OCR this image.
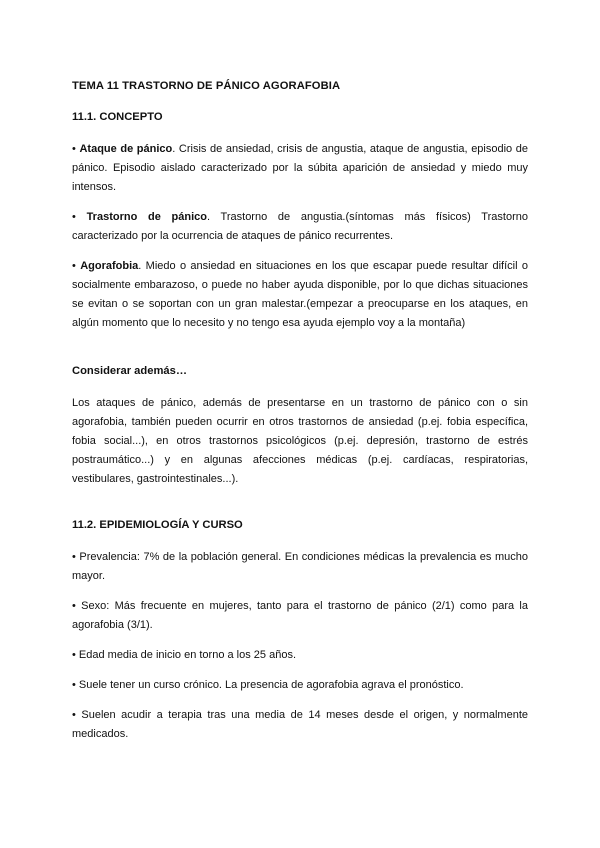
TEMA 11 TRASTORNO DE PÁNICO AGORAFOBIA
11.1. CONCEPTO

• Ataque de pánico. Crisis de ansiedad, crisis de angustia, ataque de angustia, episodio de pánico. Episodio aislado caracterizado por la súbita aparición de ansiedad y miedo muy intensos.

• Trastorno de pánico. Trastorno de angustia.(síntomas más físicos) Trastorno caracterizado por la ocurrencia de ataques de pánico recurrentes.

• Agorafobia. Miedo o ansiedad en situaciones en los que escapar puede resultar difícil o socialmente embarazoso, o puede no haber ayuda disponible, por lo que dichas situaciones se evitan o se soportan con un gran malestar.(empezar a preocuparse en los ataques, en algún momento que lo necesito y no tengo esa ayuda ejemplo voy a la montaña)

Considerar además…

Los ataques de pánico, además de presentarse en un trastorno de pánico con o sin agorafobia, también pueden ocurrir en otros trastornos de ansiedad (p.ej. fobia específica, fobia social...), en otros trastornos psicológicos (p.ej. depresión, trastorno de estrés postraumático...) y en algunas afecciones médicas (p.ej. cardíacas, respiratorias, vestibulares, gastrointestinales...).

11.2. EPIDEMIOLOGÍA Y CURSO

• Prevalencia: 7% de la población general. En condiciones médicas la prevalencia es mucho mayor.

• Sexo: Más frecuente en mujeres, tanto para el trastorno de pánico (2/1) como para la agorafobia (3/1).

• Edad media de inicio en torno a los 25 años.

• Suele tener un curso crónico. La presencia de agorafobia agrava el pronóstico.

• Suelen acudir a terapia tras una media de 14 meses desde el origen, y normalmente medicados.
